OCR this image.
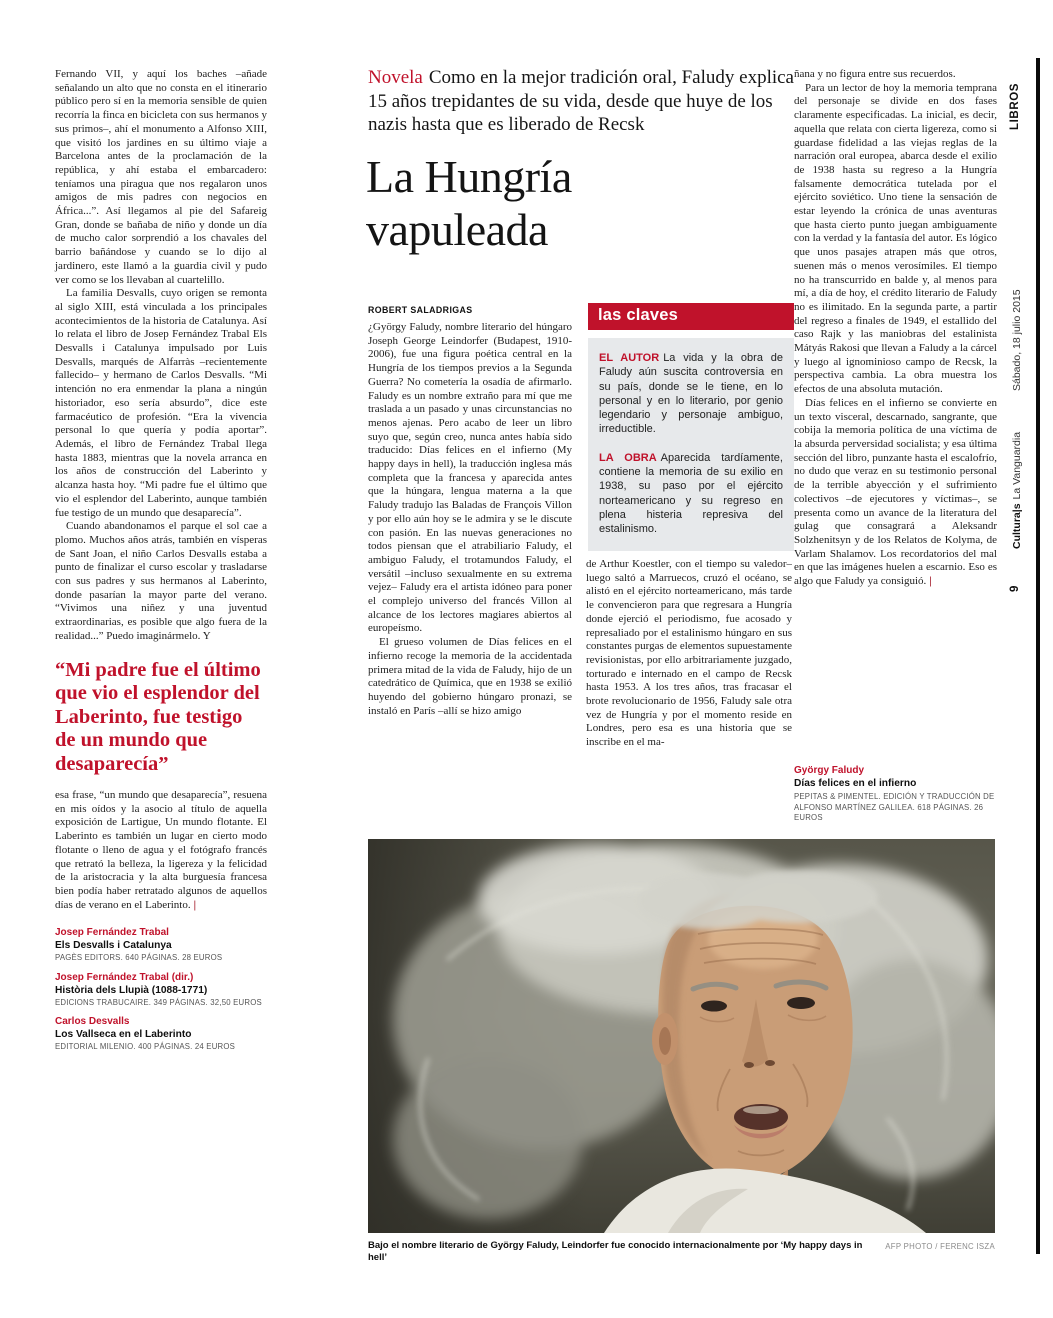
Fernando VII, y aquí los baches –añade señalando un alto que no consta en el itinerario público pero sí en la memoria sensible de quien recorría la finca en bicicleta con sus hermanos y sus primos–, ahí el monumento a Alfonso XIII, que visitó los jardines en su último viaje a Barcelona antes de la proclamación de la república, y ahí estaba el embarcadero: teníamos una piragua que nos regalaron unos amigos de mis padres con negocios en África...”. Así llegamos al pie del Safareig Gran, donde se bañaba de niño y donde un día de mucho calor sorprendió a los chavales del barrio bañándose y cuando se lo dijo al jardinero, este llamó a la guardia civil y pudo ver como se los llevaban al cuartelillo.

La familia Desvalls, cuyo origen se remonta al siglo XIII, está vinculada a los principales acontecimientos de la historia de Catalunya. Así lo relata el libro de Josep Fernández Trabal Els Desvalls i Catalunya impulsado por Luis Desvalls, marqués de Alfarràs –recientemente fallecido– y hermano de Carlos Desvalls. “Mi intención no era enmendar la plana a ningún historiador, eso sería absurdo”, dice este farmacéutico de profesión. “Era la vivencia personal lo que quería y podía aportar”. Además, el libro de Fernández Trabal llega hasta 1883, mientras que la novela arranca en los años de construcción del Laberinto y alcanza hasta hoy. “Mi padre fue el último que vio el esplendor del Laberinto, aunque también fue testigo de un mundo que desaparecía”.

Cuando abandonamos el parque el sol cae a plomo. Muchos años atrás, también en vísperas de Sant Joan, el niño Carlos Desvalls estaba a punto de finalizar el curso escolar y trasladarse con sus padres y sus hermanos al Laberinto, donde pasarían la mayor parte del verano. “Vivimos una niñez y una juventud extraordinarias, es posible que algo fuera de la realidad...” Puedo imaginármelo. Y

“Mi padre fue el último que vio el esplendor del Laberinto, fue testigo de un mundo que desaparecía”

esa frase, “un mundo que desaparecía”, resuena en mis oídos y la asocio al título de aquella exposición de Lartigue, Un mundo flotante. El Laberinto es también un lugar en cierto modo flotante o lleno de agua y el fotógrafo francés que retrató la belleza, la ligereza y la felicidad de la aristocracia y la alta burguesía francesa bien podía haber retratado algunos de aquellos días de verano en el Laberinto. |

Josep Fernández Trabal
Els Desvalls i Catalunya
PAGÈS EDITORS. 640 PÁGINAS. 28 EUROS
Josep Fernández Trabal (dir.)
Història dels Llupià (1088-1771)
EDICIONS TRABUCAIRE. 349 PÁGINAS. 32,50 EUROS
Carlos Desvalls
Los Vallseca en el Laberinto
EDITORIAL MILENIO. 400 PÁGINAS. 24 EUROS
Novela Como en la mejor tradición oral, Faludy explica 15 años trepidantes de su vida, desde que huye de los nazis hasta que es liberado de Recsk
La Hungría vapuleada
ROBERT SALADRIGAS

¿György Faludy, nombre literario del húngaro Joseph George Leindorfer (Budapest, 1910-2006), fue una figura poética central en la Hungría de los tiempos previos a la Segunda Guerra? No cometería la osadía de afirmarlo. Faludy es un nombre extraño para mí que me traslada a un pasado y unas circunstancias no menos ajenas. Pero acabo de leer un libro suyo que, según creo, nunca antes había sido traducido: Días felices en el infierno (My happy days in hell), la traducción inglesa más completa que la francesa y aparecida antes que la húngara, lengua materna a la que Faludy tradujo las Baladas de François Villon y por ello aún hoy se le admira y se le discute con pasión. En las nuevas generaciones no todos piensan que el atrabiliario Faludy, el ambiguo Faludy, el trotamundos Faludy, el versátil –incluso sexualmente en su extrema vejez– Faludy era el artista idóneo para poner el complejo universo del francés Villon al alcance de los lectores magiares abiertos al europeísmo.

El grueso volumen de Días felices en el infierno recoge la memoria de la accidentada primera mitad de la vida de Faludy, hijo de un catedrático de Química, que en 1938 se exilió huyendo del gobierno húngaro pronazi, se instaló en París –allí se hizo amigo

las claves

EL AUTOR La vida y la obra de Faludy aún suscita controversia en su país, donde se le tiene, en lo personal y en lo literario, por genio legendario y personaje ambiguo, irreductible.

LA OBRA Aparecida tardíamente, contiene la memoria de su exilio en 1938, su paso por el ejército norteamericano y su regreso en plena histeria represiva del estalinismo.

de Arthur Koestler, con el tiempo su valedor– luego saltó a Marruecos, cruzó el océano, se alistó en el ejército norteamericano, más tarde le convencieron para que regresara a Hungría donde ejerció el periodismo, fue acosado y represaliado por el estalinismo húngaro en sus constantes purgas de elementos supuestamente revisionistas, por ello arbitrariamente juzgado, torturado e internado en el campo de Recsk hasta 1953. A los tres años, tras fracasar el brote revolucionario de 1956, Faludy sale otra vez de Hungría y por el momento reside en Londres, pero esa es una historia que se inscribe en el ma-

ñana y no figura entre sus recuerdos.

Para un lector de hoy la memoria temprana del personaje se divide en dos fases claramente especificadas. La inicial, es decir, aquella que relata con cierta ligereza, como si guardase fidelidad a las viejas reglas de la narración oral europea, abarca desde el exilio de 1938 hasta su regreso a la Hungría falsamente democrática tutelada por el ejército soviético. Uno tiene la sensación de estar leyendo la crónica de unas aventuras que hasta cierto punto juegan ambiguamente con la verdad y la fantasía del autor. Es lógico que unos pasajes atrapen más que otros, suenen más o menos verosímiles. El tiempo no ha transcurrido en balde y, al menos para mí, a día de hoy, el crédito literario de Faludy no es ilimitado. En la segunda parte, a partir del regreso a finales de 1949, el estallido del caso Rajk y las maniobras del estalinista Mátyás Rakosi que llevan a Faludy a la cárcel y luego al ignominioso campo de Recsk, la perspectiva cambia. La obra muestra los efectos de una absoluta mutación.

Días felices en el infierno se convierte en un texto visceral, descarnado, sangrante, que cobija la memoria política de una víctima de la absurda perversidad socialista; y esa última sección del libro, punzante hasta el escalofrío, no dudo que veraz en su testimonio personal de la terrible abyección y el sufrimiento colectivos –de ejecutores y víctimas–, se presenta como un avance de la literatura del gulag que consagrará a Aleksandr Solzhenitsyn y de los Relatos de Kolyma, de Varlam Shalamov. Los recordatorios del mal en que las imágenes huelen a escarnio. Eso es algo que Faludy ya consiguió. |

György Faludy
Días felices en el infierno
PEPITAS & PIMENTEL. EDICIÓN Y TRADUCCIÓN DE ALFONSO MARTÍNEZ GALILEA. 618 PÁGINAS. 26 EUROS
Bajo el nombre literario de György Faludy, Leindorfer fue conocido internacionalmente por ‘My happy days in hell’
AFP PHOTO / FERENC ISZA
LIBROS
Sábado, 18 julio 2015
Cultura|sLa Vanguardia
9
